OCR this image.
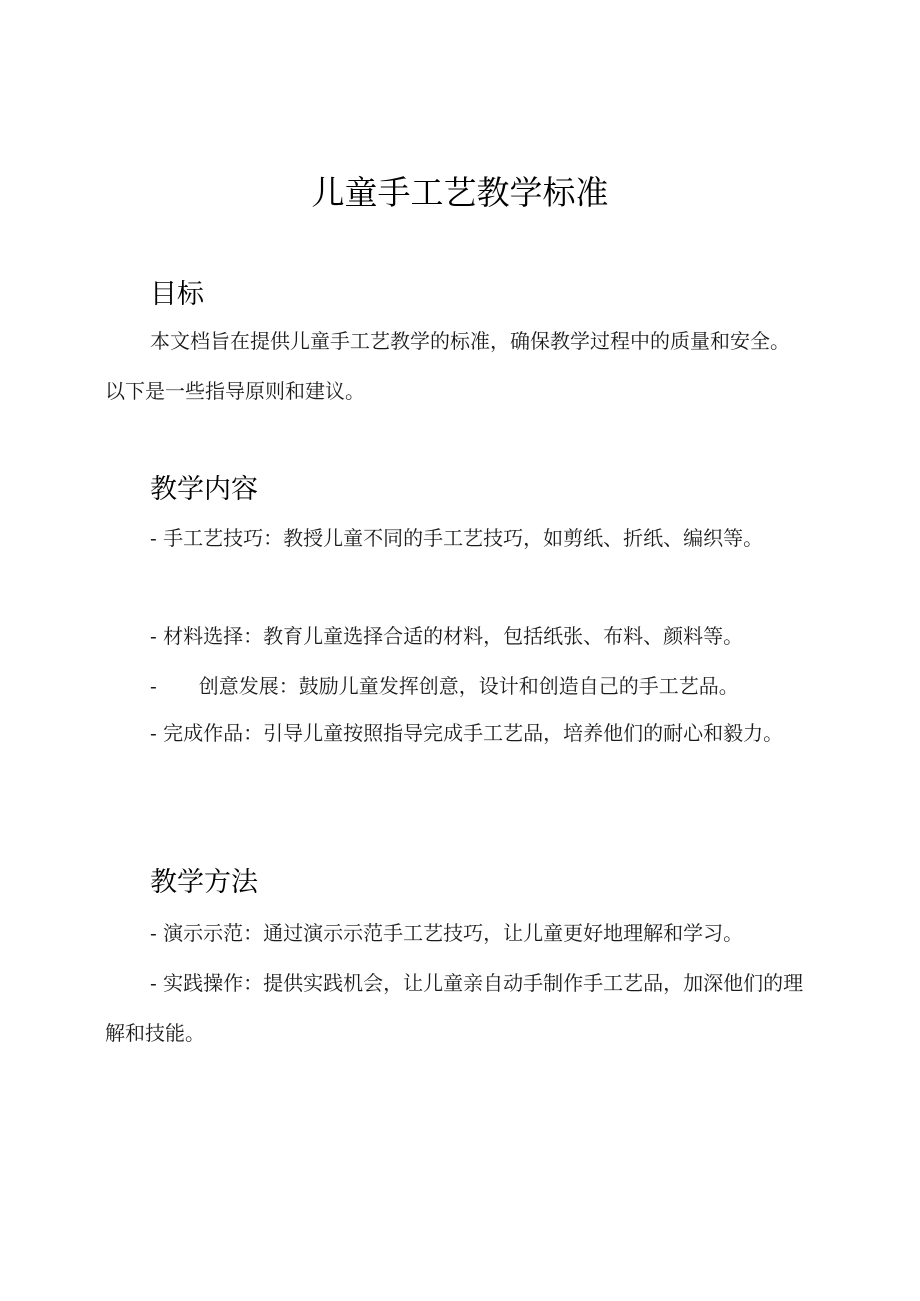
儿童手工艺教学标准
目标

本文档旨在提供儿童手工艺教学的标准，确保教学过程中的质量和安全。以下是一些指导原则和建议。

教学内容

- 手工艺技巧：教授儿童不同的手工艺技巧，如剪纸、折纸、编织等。

- 材料选择：教育儿童选择合适的材料，包括纸张、布料、颜料等。

- 创意发展：鼓励儿童发挥创意，设计和创造自己的手工艺品。

- 完成作品：引导儿童按照指导完成手工艺品，培养他们的耐心和毅力。

教学方法

- 演示示范：通过演示示范手工艺技巧，让儿童更好地理解和学习。

- 实践操作：提供实践机会，让儿童亲自动手制作手工艺品，加深他们的理解和技能。
